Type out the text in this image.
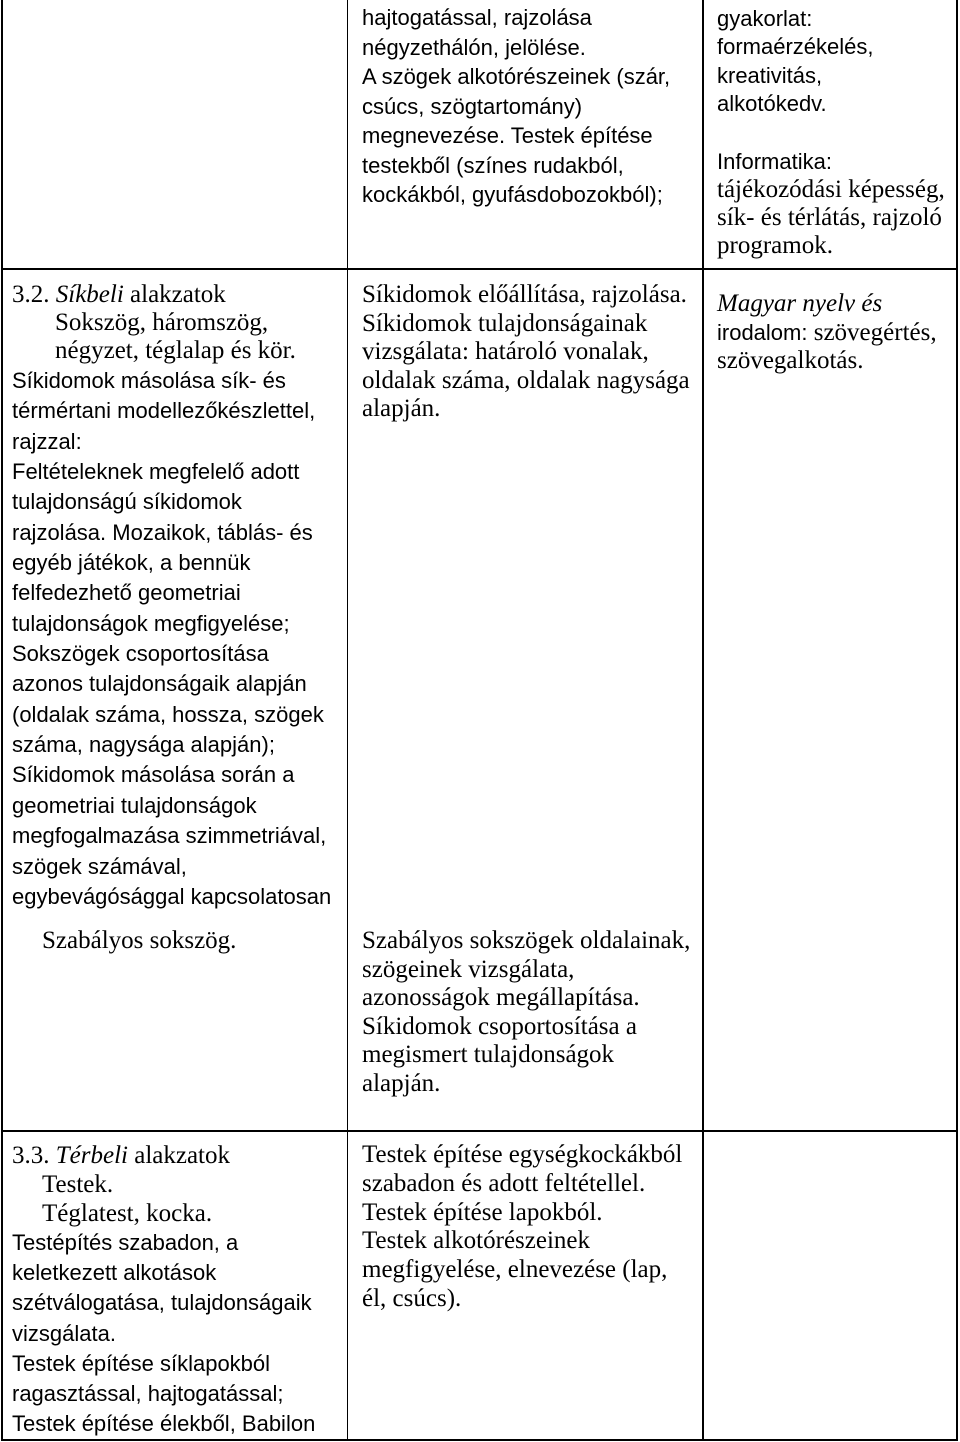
hajtogatással, rajzolása
négyzethálón, jelölése.
A szögek alkotórészeinek (szár,
csúcs, szögtartomány)
megnevezése. Testek építése
testekből (színes rudakból,
kockákból, gyufásdobozokból);
gyakorlat:
formaérzékelés,
kreativitás,
alkotókedv.
Informatika:
tájékozódási képesség,
sík- és térlátás, rajzoló
programok.
3.2. Síkbeli alakzatok
Sokszög, háromszög,
négyzet, téglalap és kör.
Síkidomok másolása sík- és
térmértani modellezőkészlettel,
rajzzal:
Feltételeknek megfelelő adott
tulajdonságú síkidomok
rajzolása. Mozaikok, táblás- és
egyéb játékok, a bennük
felfedezhető geometriai
tulajdonságok megfigyelése;
Sokszögek csoportosítása
azonos tulajdonságaik alapján
(oldalak száma, hossza, szögek
száma, nagysága alapján);
Síkidomok másolása során a
geometriai tulajdonságok
megfogalmazása szimmetriával,
szögek számával,
egybevágósággal kapcsolatosan
Szabályos sokszög.
Síkidomok előállítása, rajzolása.
Síkidomok tulajdonságainak
vizsgálata: határoló vonalak,
oldalak száma, oldalak nagysága
alapján.
Szabályos sokszögek oldalainak,
szögeinek vizsgálata,
azonosságok megállapítása.
Síkidomok csoportosítása a
megismert tulajdonságok
alapján.
Magyar nyelv és
irodalom: szövegértés,
szövegalkotás.
3.3. Térbeli alakzatok
Testek.
Téglatest, kocka.
Testépítés szabadon, a
keletkezett alkotások
szétválogatása, tulajdonságaik
vizsgálata.
Testek építése síklapokból
ragasztással, hajtogatással;
Testek építése élekből, Babilon
Testek építése egységkockákból
szabadon és adott feltétellel.
Testek építése lapokból.
Testek alkotórészeinek
megfigyelése, elnevezése (lap,
él, csúcs).
